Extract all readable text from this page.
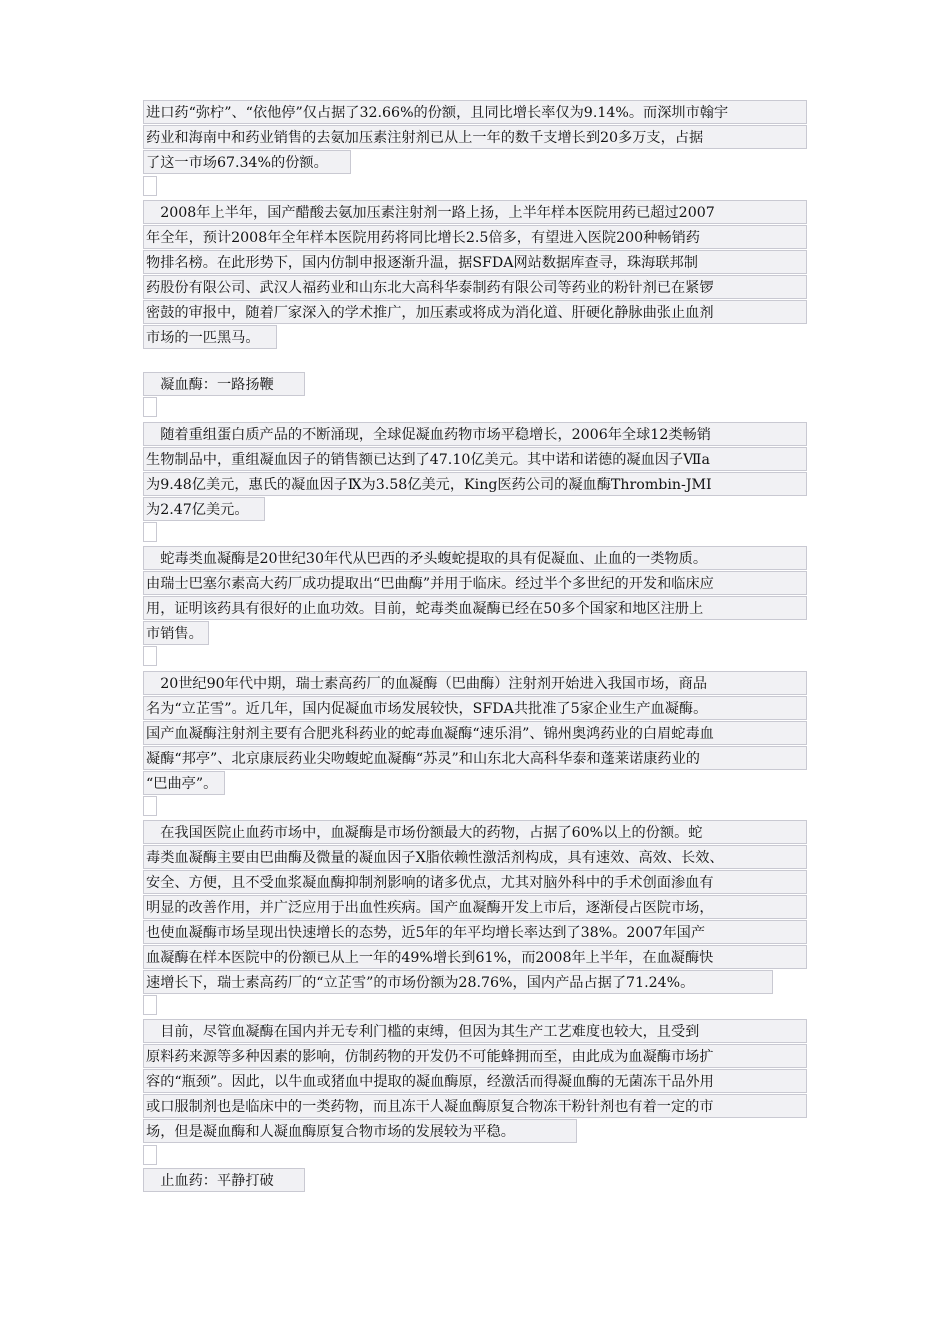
进口药“弥柠”、“依他停”仅占据了32.66%的份额，且同比增长率仅为9.14%。而深圳市翰宇
药业和海南中和药业销售的去氨加压素注射剂已从上一年的数千支增长到20多万支，占据
了这一市场67.34%的份额。
　2008年上半年，国产醋酸去氨加压素注射剂一路上扬，上半年样本医院用药已超过2007
年全年，预计2008年全年样本医院用药将同比增长2.5倍多，有望进入医院200种畅销药
物排名榜。在此形势下，国内仿制申报逐渐升温，据SFDA网站数据库查寻，珠海联邦制
药股份有限公司、武汉人福药业和山东北大高科华泰制药有限公司等药业的粉针剂已在紧锣
密鼓的审报中，随着厂家深入的学术推广，加压素或将成为消化道、肝硬化静脉曲张止血剂
市场的一匹黑马。
　凝血酶：一路扬鞭
　随着重组蛋白质产品的不断涌现，全球促凝血药物市场平稳增长，2006年全球12类畅销
生物制品中，重组凝血因子的销售额已达到了47.10亿美元。其中诺和诺德的凝血因子Ⅶa
为9.48亿美元，惠氏的凝血因子Ⅸ为3.58亿美元，King医药公司的凝血酶Thrombin-JMI
为2.47亿美元。
　蛇毒类血凝酶是20世纪30年代从巴西的矛头蝮蛇提取的具有促凝血、止血的一类物质。
由瑞士巴塞尔素高大药厂成功提取出“巴曲酶”并用于临床。经过半个多世纪的开发和临床应
用，证明该药具有很好的止血功效。目前，蛇毒类血凝酶已经在50多个国家和地区注册上
市销售。
　20世纪90年代中期，瑞士素高药厂的血凝酶（巴曲酶）注射剂开始进入我国市场，商品
名为“立芷雪”。近几年，国内促凝血市场发展较快，SFDA共批准了5家企业生产血凝酶。
国产血凝酶注射剂主要有合肥兆科药业的蛇毒血凝酶“速乐涓”、锦州奥鸿药业的白眉蛇毒血
凝酶“邦亭”、北京康辰药业尖吻蝮蛇血凝酶“苏灵”和山东北大高科华泰和蓬莱诺康药业的
“巴曲亭”。
　在我国医院止血药市场中，血凝酶是市场份额最大的药物，占据了60%以上的份额。蛇
毒类血凝酶主要由巴曲酶及微量的凝血因子X脂依赖性激活剂构成，具有速效、高效、长效、
安全、方便，且不受血浆凝血酶抑制剂影响的诸多优点，尤其对脑外科中的手术创面渗血有
明显的改善作用，并广泛应用于出血性疾病。国产血凝酶开发上市后，逐渐侵占医院市场，
也使血凝酶市场呈现出快速增长的态势，近5年的年平均增长率达到了38%。2007年国产
血凝酶在样本医院中的份额已从上一年的49%增长到61%，而2008年上半年，在血凝酶快
速增长下，瑞士素高药厂的“立芷雪”的市场份额为28.76%，国内产品占据了71.24%。
　目前，尽管血凝酶在国内并无专利门槛的束缚，但因为其生产工艺难度也较大，且受到
原料药来源等多种因素的影响，仿制药物的开发仍不可能蜂拥而至，由此成为血凝酶市场扩
容的“瓶颈”。因此，以牛血或猪血中提取的凝血酶原，经激活而得凝血酶的无菌冻干品外用
或口服制剂也是临床中的一类药物，而且冻干人凝血酶原复合物冻干粉针剂也有着一定的市
场，但是凝血酶和人凝血酶原复合物市场的发展较为平稳。
　止血药：平静打破
